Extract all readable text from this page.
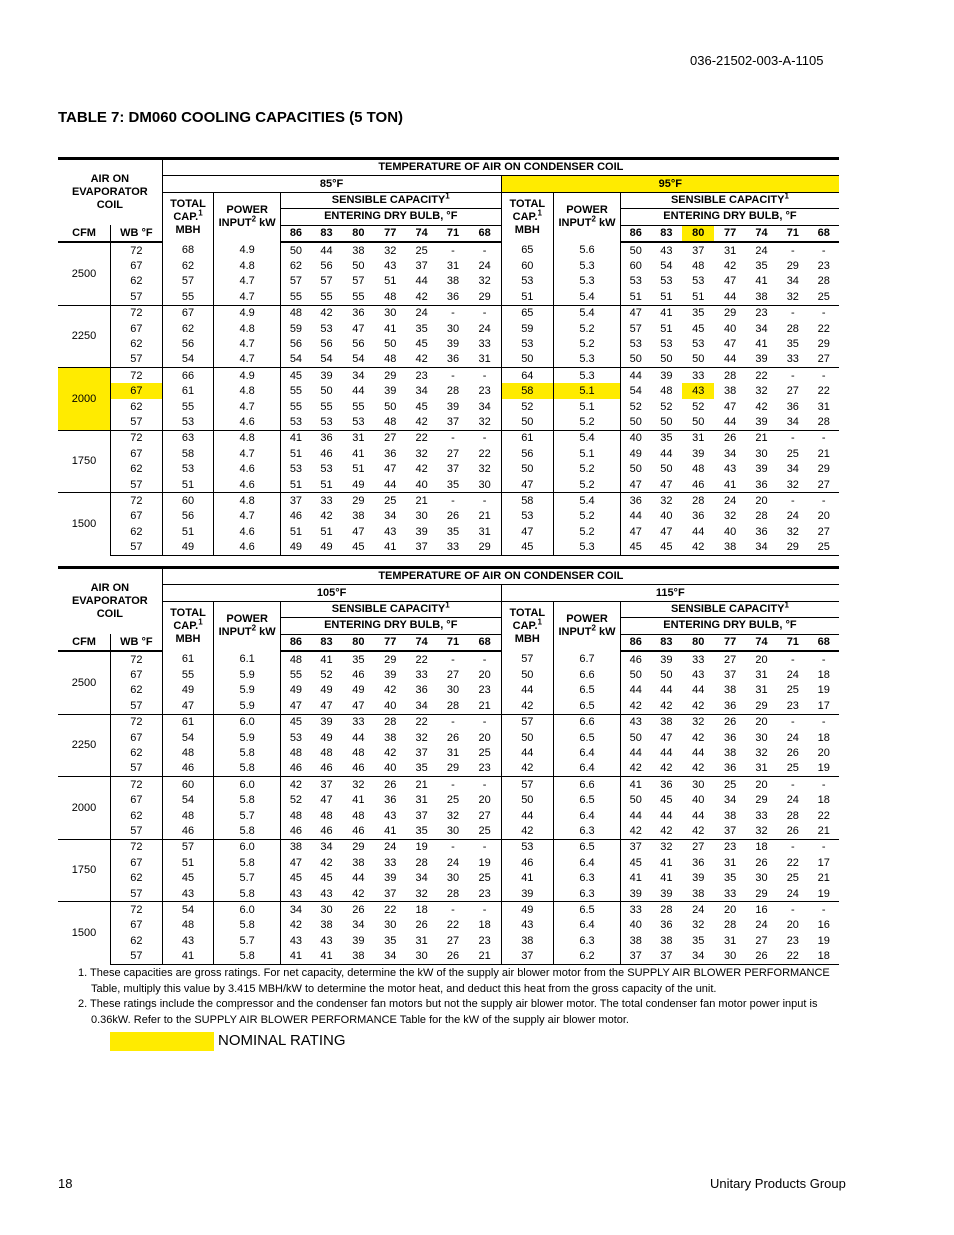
036-21502-003-A-1105
TABLE 7: DM060 COOLING CAPACITIES (5 TON)
AIR ON
EVAPORATOR
COIL		TEMPERATURE OF AIR ON CONDENSER COIL																	
		85°F									95°F								
		TOTAL
CAP.$^1$
MBH	POWER
INPUT$^2$ kW	SENSIBLE CAPACITY$^1$							TOTAL
CAP.$^1$
MBH	POWER
INPUT$^2$ kW	SENSIBLE CAPACITY$^1$
				ENTERING DRY BULB, °F									ENTERING DRY BULB, °F						
CFM	WB °F			86	83	80	77	74	71	68			86	83	80	77	74	71	68
2500	72	68	4.9	50	44	38	32	25	-	-	65	5.6	50	43	37	31	24	-	-
	67	62	4.8	62	56	50	43	37	31	24	60	5.3	60	54	48	42	35	29	23
	62	57	4.7	57	57	57	51	44	38	32	53	5.3	53	53	53	47	41	34	28
	57	55	4.7	55	55	55	48	42	36	29	51	5.4	51	51	51	44	38	32	25
2250	72	67	4.9	48	42	36	30	24	-	-	65	5.4	47	41	35	29	23	-	-
	67	62	4.8	59	53	47	41	35	30	24	59	5.2	57	51	45	40	34	28	22
	62	56	4.7	56	56	56	50	45	39	33	53	5.2	53	53	53	47	41	35	29
	57	54	4.7	54	54	54	48	42	36	31	50	5.3	50	50	50	44	39	33	27
2000	72	66	4.9	45	39	34	29	23	-	-	64	5.3	44	39	33	28	22	-	-
	67	61	4.8	55	50	44	39	34	28	23	58	5.1	54	48	43	38	32	27	22
	62	55	4.7	55	55	55	50	45	39	34	52	5.1	52	52	52	47	42	36	31
	57	53	4.6	53	53	53	48	42	37	32	50	5.2	50	50	50	44	39	34	28
1750	72	63	4.8	41	36	31	27	22	-	-	61	5.4	40	35	31	26	21	-	-
	67	58	4.7	51	46	41	36	32	27	22	56	5.1	49	44	39	34	30	25	21
	62	53	4.6	53	53	51	47	42	37	32	50	5.2	50	50	48	43	39	34	29
	57	51	4.6	51	51	49	44	40	35	30	47	5.2	47	47	46	41	36	32	27
1500	72	60	4.8	37	33	29	25	21	-	-	58	5.4	36	32	28	24	20	-	-
	67	56	4.7	46	42	38	34	30	26	21	53	5.2	44	40	36	32	28	24	20
	62	51	4.6	51	51	47	43	39	35	31	47	5.2	47	47	44	40	36	32	27
	57	49	4.6	49	49	45	41	37	33	29	45	5.3	45	45	42	38	34	29	25
AIR ON
EVAPORATOR
COIL		TEMPERATURE OF AIR ON CONDENSER COIL																	
		105°F									115°F								
		TOTAL
CAP.$^1$
MBH	POWER
INPUT$^2$ kW	SENSIBLE CAPACITY$^1$							TOTAL
CAP.$^1$
MBH	POWER
INPUT$^2$ kW	SENSIBLE CAPACITY$^1$
				ENTERING DRY BULB, °F									ENTERING DRY BULB, °F						
CFM	WB °F			86	83	80	77	74	71	68			86	83	80	77	74	71	68
2500	72	61	6.1	48	41	35	29	22	-	-	57	6.7	46	39	33	27	20	-	-
	67	55	5.9	55	52	46	39	33	27	20	50	6.6	50	50	43	37	31	24	18
	62	49	5.9	49	49	49	42	36	30	23	44	6.5	44	44	44	38	31	25	19
	57	47	5.9	47	47	47	40	34	28	21	42	6.5	42	42	42	36	29	23	17
2250	72	61	6.0	45	39	33	28	22	-	-	57	6.6	43	38	32	26	20	-	-
	67	54	5.9	53	49	44	38	32	26	20	50	6.5	50	47	42	36	30	24	18
	62	48	5.8	48	48	48	42	37	31	25	44	6.4	44	44	44	38	32	26	20
	57	46	5.8	46	46	46	40	35	29	23	42	6.4	42	42	42	36	31	25	19
2000	72	60	6.0	42	37	32	26	21	-	-	57	6.6	41	36	30	25	20	-	-
	67	54	5.8	52	47	41	36	31	25	20	50	6.5	50	45	40	34	29	24	18
	62	48	5.7	48	48	48	43	37	32	27	44	6.4	44	44	44	38	33	28	22
	57	46	5.8	46	46	46	41	35	30	25	42	6.3	42	42	42	37	32	26	21
1750	72	57	6.0	38	34	29	24	19	-	-	53	6.5	37	32	27	23	18	-	-
	67	51	5.8	47	42	38	33	28	24	19	46	6.4	45	41	36	31	26	22	17
	62	45	5.7	45	45	44	39	34	30	25	41	6.3	41	41	39	35	30	25	21
	57	43	5.8	43	43	42	37	32	28	23	39	6.3	39	39	38	33	29	24	19
1500	72	54	6.0	34	30	26	22	18	-	-	49	6.5	33	28	24	20	16	-	-
	67	48	5.8	42	38	34	30	26	22	18	43	6.4	40	36	32	28	24	20	16
	62	43	5.7	43	43	39	35	31	27	23	38	6.3	38	38	35	31	27	23	19
	57	41	5.8	41	41	38	34	30	26	21	37	6.2	37	37	34	30	26	22	18

1. These capacities are gross ratings. For net capacity, determine the kW of the supply air blower motor from the SUPPLY AIR BLOWER PERFORMANCE Table, multiply this value by 3.415 MBH/kW to determine the motor heat, and deduct this heat from the gross capacity of the unit.

2. These ratings include the compressor and the condenser fan motors but not the supply air blower motor. The total condenser fan motor power input is 0.36kW. Refer to the SUPPLY AIR BLOWER PERFORMANCE Table for the kW of the supply air blower motor.

NOMINAL RATING
18	Unitary Products Group
